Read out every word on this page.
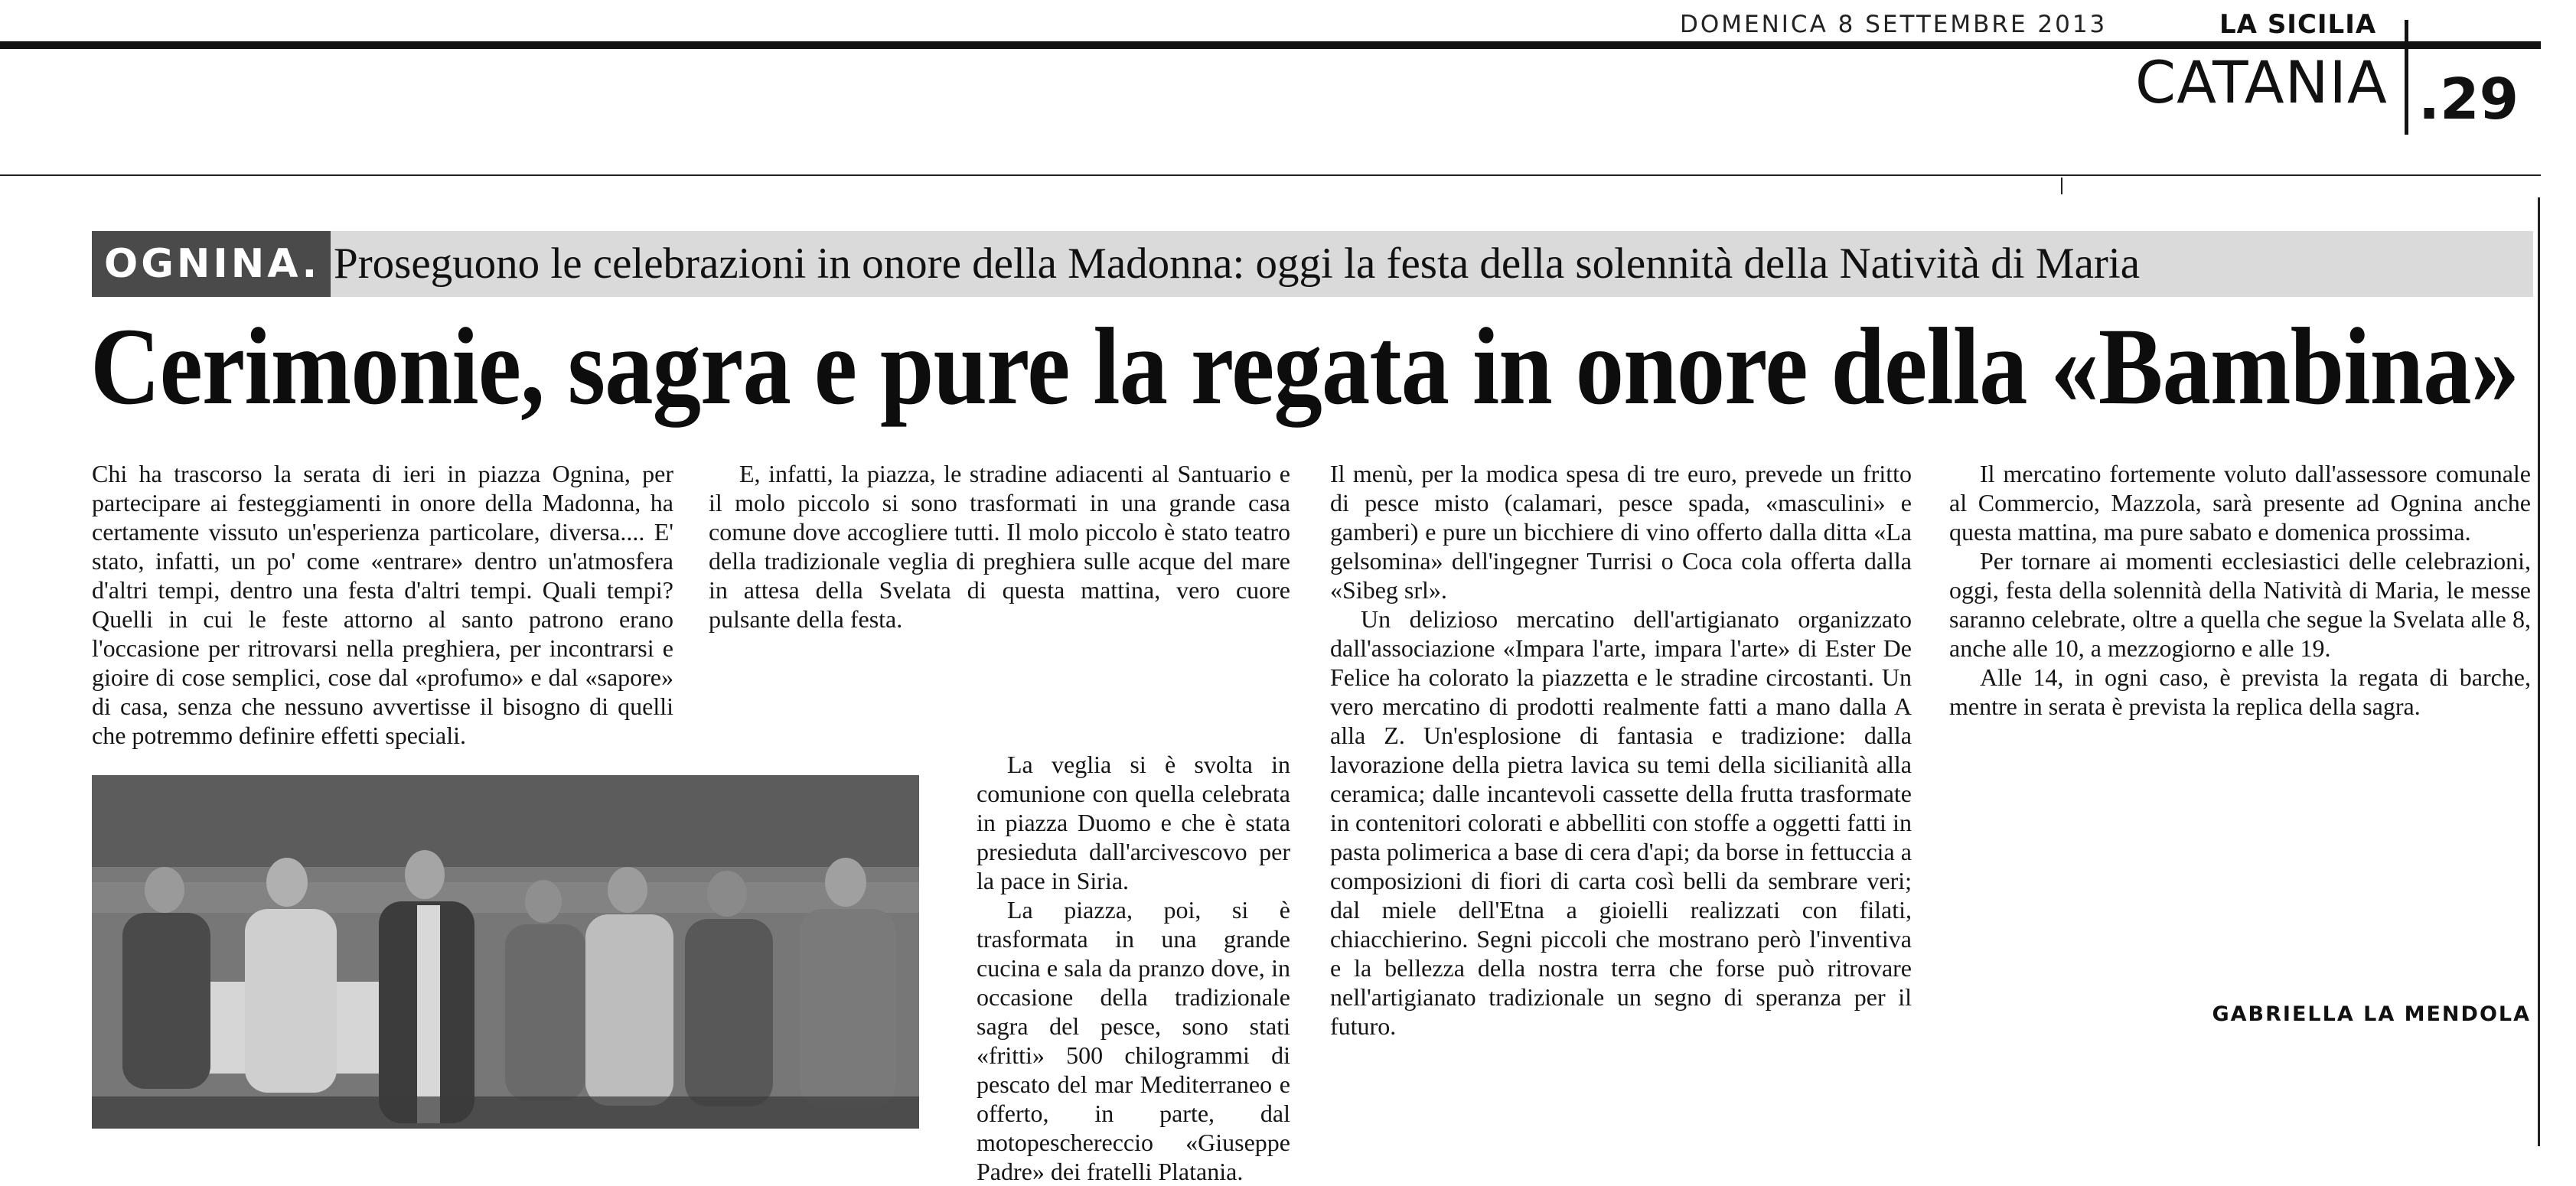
DOMENICA 8 SETTEMBRE 2013	LA SICILIA
CATANIA .29
OGNINA. Proseguono le celebrazioni in onore della Madonna: oggi la festa della solennità della Natività di Maria
Cerimonie, sagra e pure la regata in onore della «Bambina»

Chi ha trascorso la serata di ieri in piazza Ognina, per partecipare ai festeggiamenti in onore della Madonna, ha certamente vissuto un'esperienza particolare, diversa.... E' stato, infatti, un po' come «entrare» dentro un'atmosfera d'altri tempi, dentro una festa d'altri tempi. Quali tempi? Quelli in cui le feste attorno al santo patrono erano l'occasione per ritrovarsi nella preghiera, per incontrarsi e gioire di cose semplici, cose dal «profumo» e dal «sapore» di casa, senza che nessuno avvertisse il bisogno di quelli che potremmo definire effetti speciali.

E, infatti, la piazza, le stradine adiacenti al Santuario e il molo piccolo si sono trasformati in una grande casa comune dove accogliere tutti. Il molo piccolo è stato teatro della tradizionale veglia di preghiera sulle acque del mare in attesa della Svelata di questa mattina, vero cuore pulsante della festa.

La veglia si è svolta in comunione con quella celebrata in piazza Duomo e che è stata presieduta dall'arcivescovo per la pace in Siria.

La piazza, poi, si è trasformata in una grande cucina e sala da pranzo dove, in occasione della tradizionale sagra del pesce, sono stati «fritti» 500 chilogrammi di pescato del mar Mediterraneo e offerto, in parte, dal motopeschereccio «Giuseppe Padre» dei fratelli Platania.

Il menù, per la modica spesa di tre euro, prevede un fritto di pesce misto (calamari, pesce spada, «masculini» e gamberi) e pure un bicchiere di vino offerto dalla ditta «La gelsomina» dell'ingegner Turrisi o Coca cola offerta dalla «Sibeg srl».

Un delizioso mercatino dell'artigianato organizzato dall'associazione «Impara l'arte, impara l'arte» di Ester De Felice ha colorato la piazzetta e le stradine circostanti. Un vero mercatino di prodotti realmente fatti a mano dalla A alla Z. Un'esplosione di fantasia e tradizione: dalla lavorazione della pietra lavica su temi della sicilianità alla ceramica; dalle incantevoli cassette della frutta trasformate in contenitori colorati e abbelliti con stoffe a oggetti fatti in pasta polimerica a base di cera d'api; da borse in fettuccia a composizioni di fiori di carta così belli da sembrare veri; dal miele dell'Etna a gioielli realizzati con filati, chiacchierino. Segni piccoli che mostrano però l'inventiva e la bellezza della nostra terra che forse può ritrovare nell'artigianato tradizionale un segno di speranza per il futuro.

Il mercatino fortemente voluto dall'assessore comunale al Commercio, Mazzola, sarà presente ad Ognina anche questa mattina, ma pure sabato e domenica prossima.

Per tornare ai momenti ecclesiastici delle celebrazioni, oggi, festa della solennità della Natività di Maria, le messe saranno celebrate, oltre a quella che segue la Svelata alle 8, anche alle 10, a mezzogiorno e alle 19.

Alle 14, in ogni caso, è prevista la regata di barche, mentre in serata è prevista la replica della sagra.

GABRIELLA LA MENDOLA
